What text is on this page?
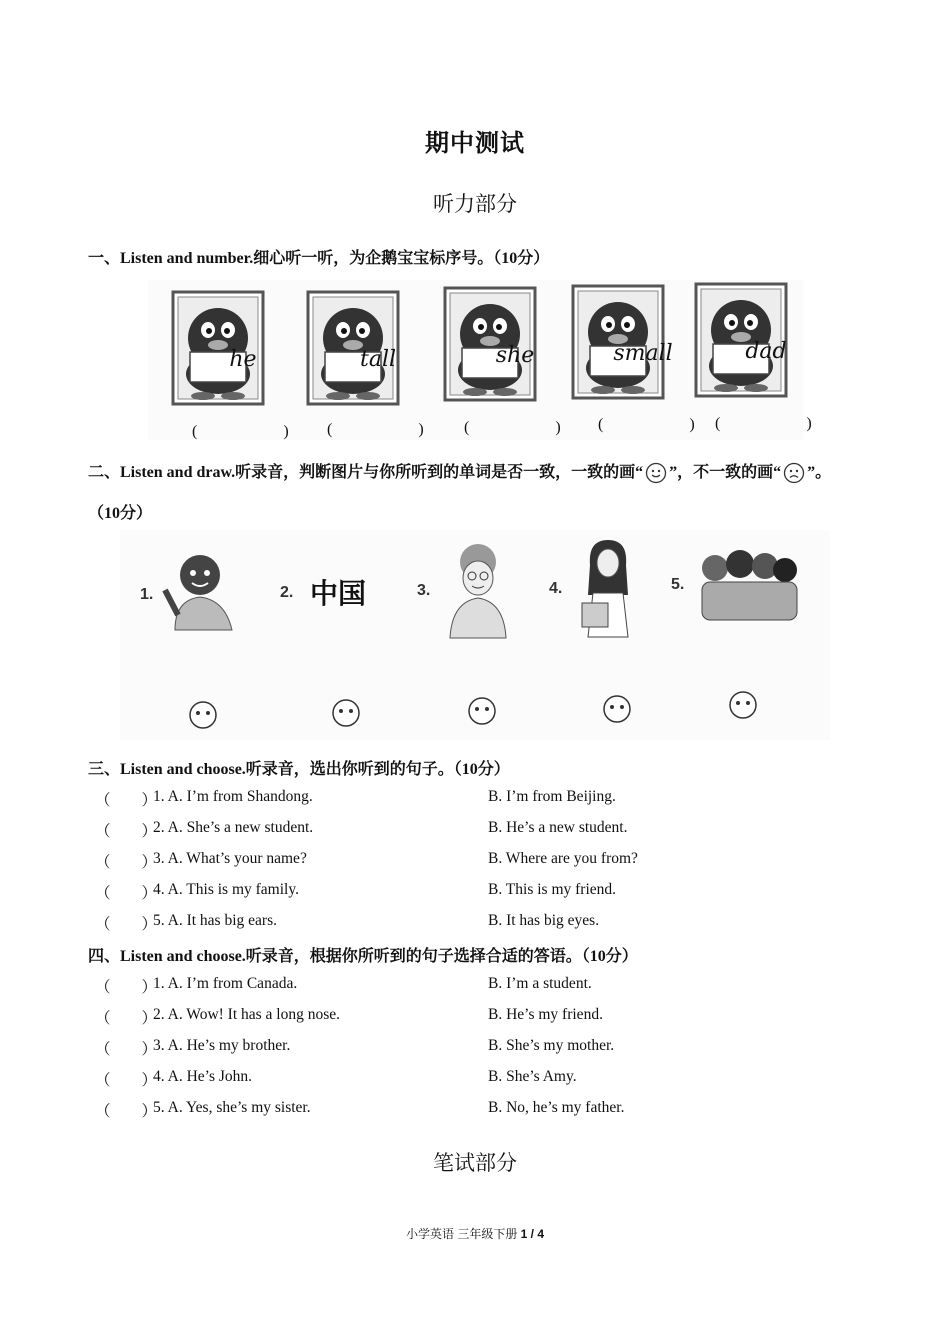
期中测试
听力部分
一、Listen and number.细心听一听，为企鹅宝宝标序号。（10分）
he	tall	she	small	dad
(　　) (　　) (　　) (　　) (　　)
二、Listen and draw.听录音，判断图片与你所听到的单词是否一致，一致的画“ ”，不一致的画“ ”。
（10分）
1.	2.	3.	4.	5.
中国
三、Listen and choose.听录音，选出你听到的句子。（10分）
（　　）
1. A. I’m from Shandong.	B. I’m from Beijing.
（　　）
2. A. She’s a new student.	B. He’s a new student.
（　　）
3. A. What’s your name?	B. Where are you from?
（　　）
4. A. This is my family.	B. This is my friend.
（　　）
5. A. It has big ears.	B. It has big eyes.
四、Listen and choose.听录音，根据你所听到的句子选择合适的答语。（10分）
（　　）
1. A. I’m from Canada.	B. I’m a student.
（　　）
2. A. Wow! It has a long nose.	B. He’s my friend.
（　　）
3. A. He’s my brother.	B. She’s my mother.
（　　）
4. A. He’s John.	B. She’s Amy.
（　　）
5. A. Yes, she’s my sister.	B. No, he’s my father.
笔试部分
小学英语 三年级下册 1 / 4
